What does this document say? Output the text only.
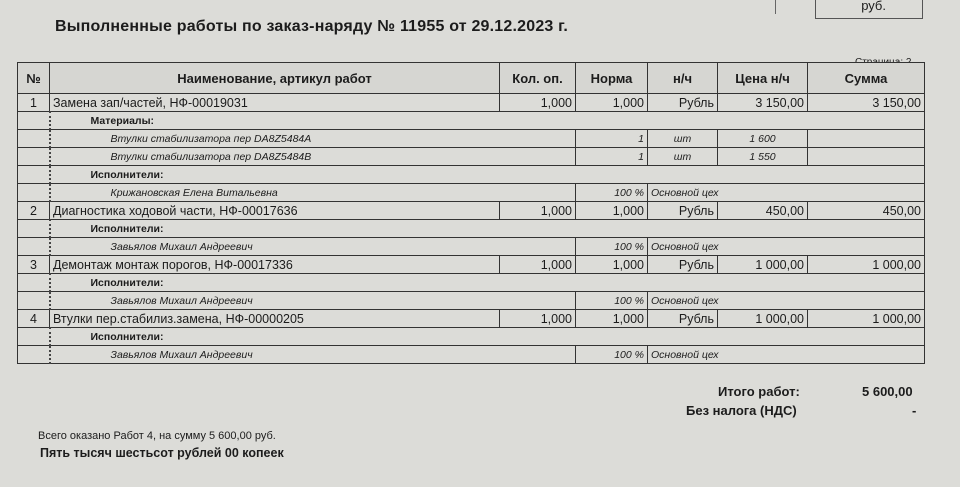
руб.
Выполненные работы по заказ-наряду № 11955 от 29.12.2023 г.
№	Наименование, артикул работ	Кол. оп.	Норма	н/ч	Цена н/ч	Сумма
1	Замена зап/частей, НФ-00019031	1,000	1,000	Рубль	3 150,00	3 150,00
	Материалы:					
	Втулки стабилизатора пер DA8Z5484A		1	шт	1 600	
	Втулки стабилизатора пер DA8Z5484B		1	шт	1 550	
	Исполнители:					
	Крижановская Елена Витальевна		100 %	Основной цех		
2	Диагностика ходовой части, НФ-00017636	1,000	1,000	Рубль	450,00	450,00
	Исполнители:					
	Завьялов Михаил Андреевич		100 %	Основной цех		
3	Демонтаж монтаж порогов, НФ-00017336	1,000	1,000	Рубль	1 000,00	1 000,00
	Исполнители:					
	Завьялов Михаил Андреевич		100 %	Основной цех		
4	Втулки пер.стабилиз.замена, НФ-00000205	1,000	1,000	Рубль	1 000,00	1 000,00
	Исполнители:					
	Завьялов Михаил Андреевич		100 %	Основной цех		
Итого работ:	5 600,00
Без налога (НДС)	-
Всего оказано Работ 4, на сумму 5 600,00 руб.
Пять тысяч шестьсот рублей 00 копеек
